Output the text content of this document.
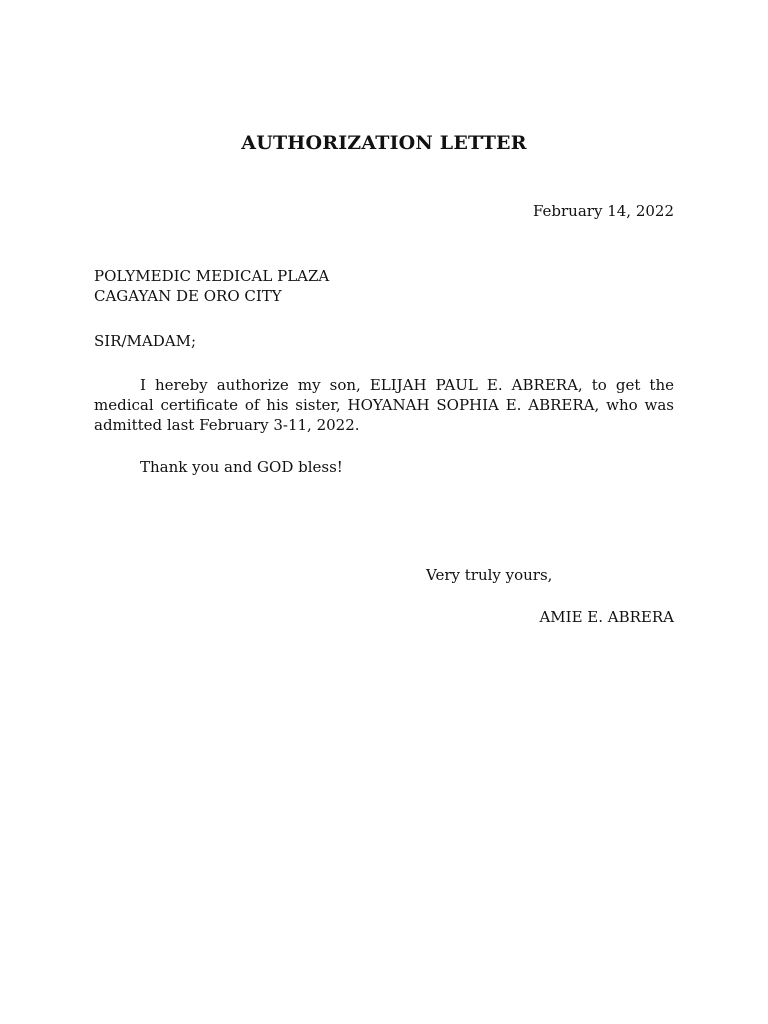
AUTHORIZATION LETTER
February 14, 2022
POLYMEDIC MEDICAL PLAZA
CAGAYAN DE ORO CITY
SIR/MADAM;
I hereby authorize my son, ELIJAH PAUL E. ABRERA, to get the medical certificate of his sister, HOYANAH SOPHIA E. ABRERA, who was admitted last February 3-11, 2022.
Thank you and GOD bless!
Very truly yours,
AMIE E. ABRERA
